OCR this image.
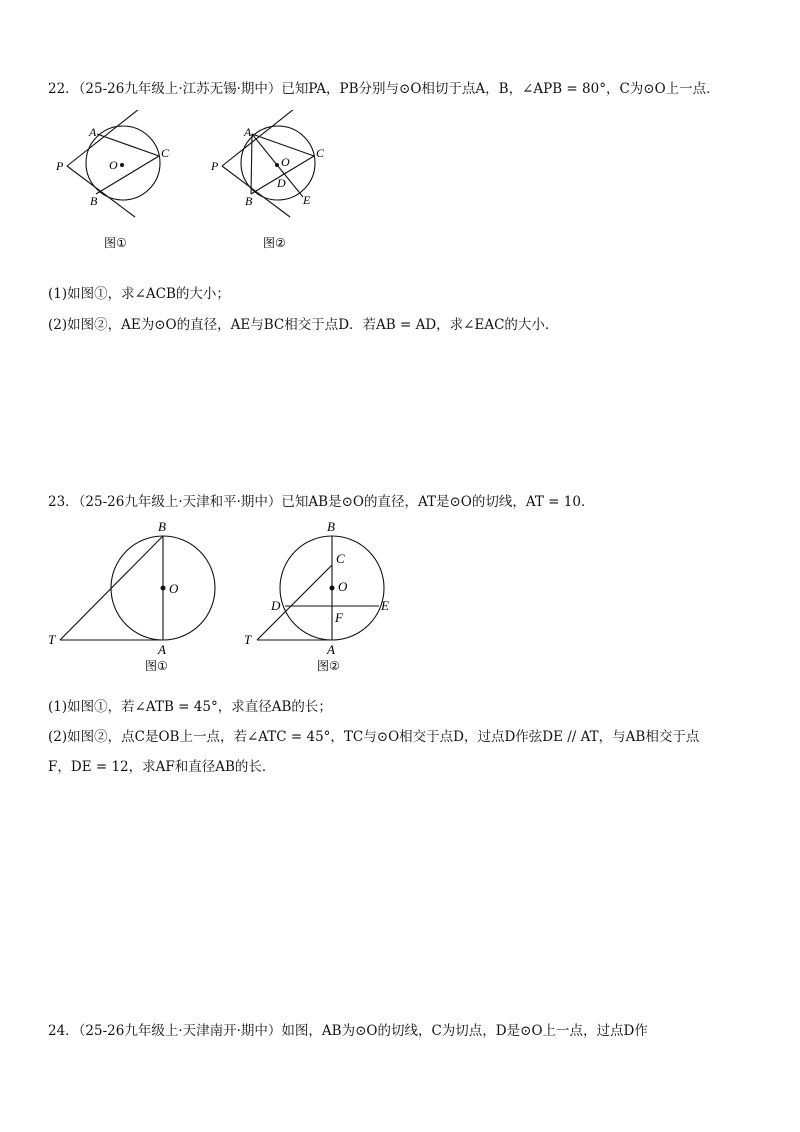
22．（25-26九年级上·江苏无锡·期中）已知PA，PB分别与⊙O相切于点A，B，∠APB = 80°，C为⊙O上一点．
A
P
C
B
O
图①
A
P
C
B
O
D
E
图②
(1)如图①，求∠ACB的大小；
(2)如图②，AE为⊙O的直径，AE与BC相交于点D．若AB = AD，求∠EAC的大小．
23．（25-26九年级上·天津和平·期中）已知AB是⊙O的直径，AT是⊙O的切线，AT = 10．
B
O
T
A
图①
B
C
O
D	E
F
T
A
图②
(1)如图①，若∠ATB = 45°，求直径AB的长；
(2)如图②，点C是OB上一点，若∠ATC = 45°，TC与⊙O相交于点D，过点D作弦DE // AT，与AB相交于点
F，DE = 12，求AF和直径AB的长．
24．（25-26九年级上·天津南开·期中）如图，AB为⊙O的切线，C为切点，D是⊙O上一点，过点D作
